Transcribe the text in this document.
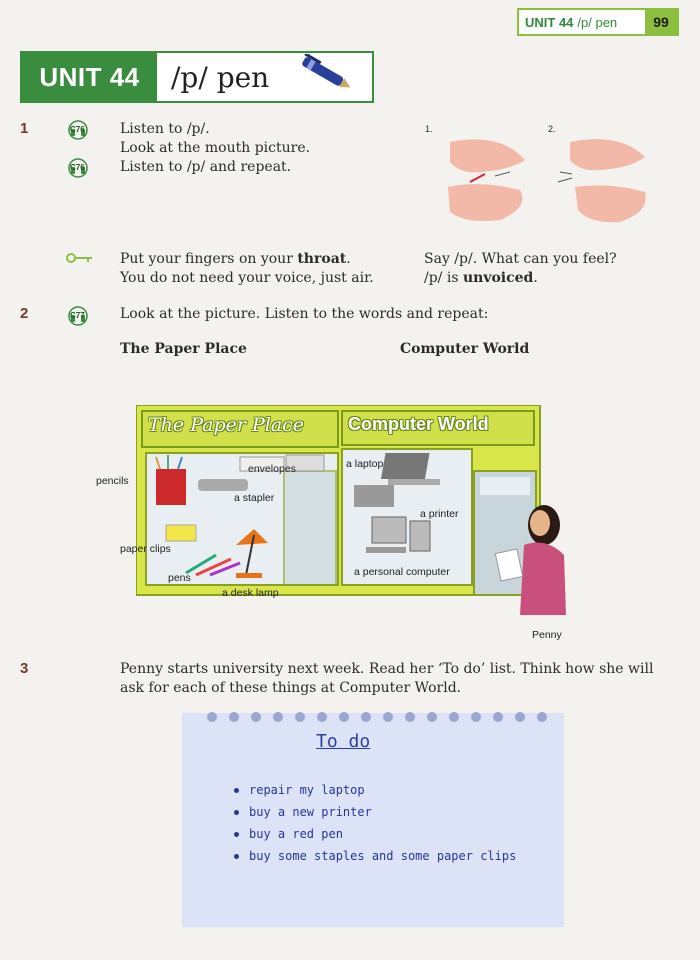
UNIT 44 /p/ pen	99
UNIT 44	/p/ pen
1	C76	Listen to /p/.
Look at the mouth picture.
C76	Listen to /p/ and repeat.
1.	2.
Put your fingers on your throat.
You do not need your voice, just air.
Say /p/. What can you feel?
/p/ is unvoiced.
2	C77	Look at the picture. Listen to the words and repeat:
The Paper Place	Computer World
The Paper Place Computer World
pencils
envelopes
a stapler
paper clips
pens
a desk lamp
a laptop
a printer
a personal computer
Penny
3	Penny starts university next week. Read her ‘To do’ list. Think how she will
ask for each of these things at Computer World.
To do
repair my laptop
buy a new printer
buy a red pen
buy some staples and some paper clips
